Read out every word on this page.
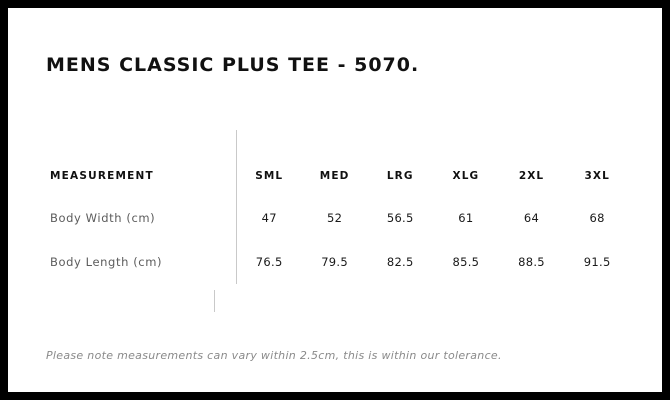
MENS CLASSIC PLUS TEE - 5070.
MEASUREMENT	SML	MED	LRG	XLG	2XL	3XL
Body Width (cm)	47	52	56.5	61	64	68
Body Length (cm)	76.5	79.5	82.5	85.5	88.5	91.5
Please note measurements can vary within 2.5cm, this is within our tolerance.
